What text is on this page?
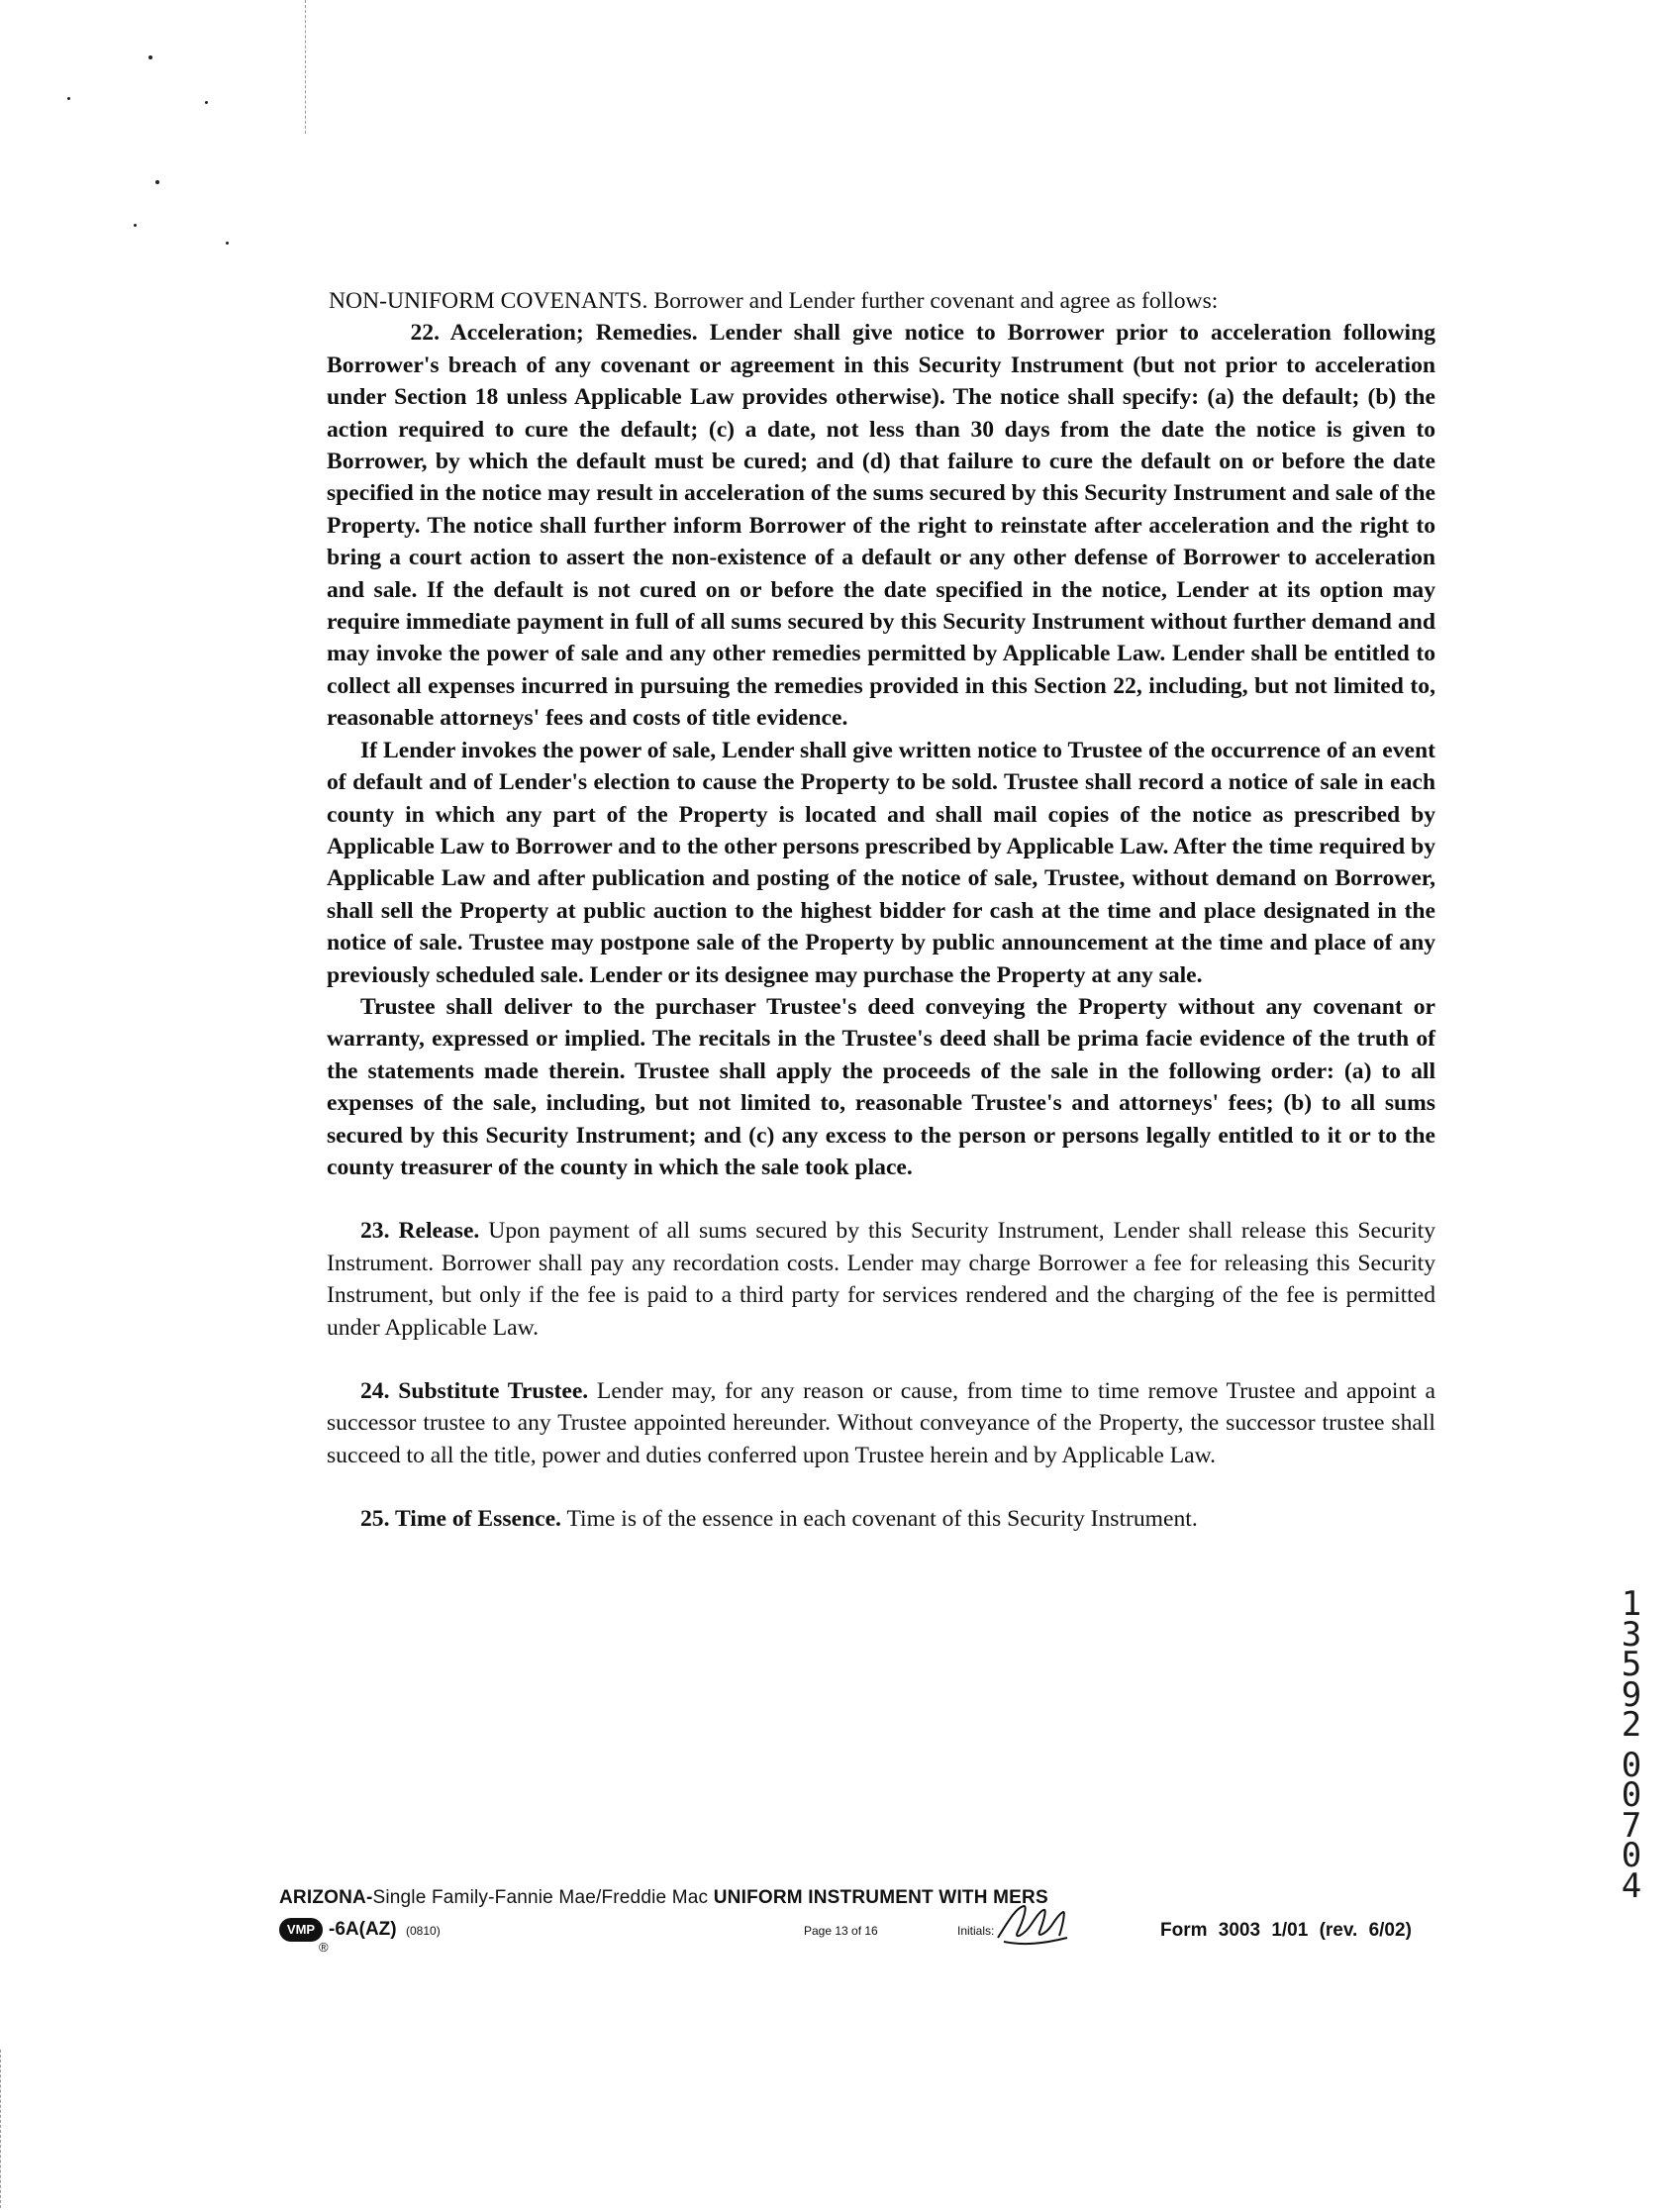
NON-UNIFORM COVENANTS. Borrower and Lender further covenant and agree as follows:

22. Acceleration; Remedies. Lender shall give notice to Borrower prior to acceleration following Borrower's breach of any covenant or agreement in this Security Instrument (but not prior to acceleration under Section 18 unless Applicable Law provides otherwise). The notice shall specify: (a) the default; (b) the action required to cure the default; (c) a date, not less than 30 days from the date the notice is given to Borrower, by which the default must be cured; and (d) that failure to cure the default on or before the date specified in the notice may result in acceleration of the sums secured by this Security Instrument and sale of the Property. The notice shall further inform Borrower of the right to reinstate after acceleration and the right to bring a court action to assert the non-existence of a default or any other defense of Borrower to acceleration and sale. If the default is not cured on or before the date specified in the notice, Lender at its option may require immediate payment in full of all sums secured by this Security Instrument without further demand and may invoke the power of sale and any other remedies permitted by Applicable Law. Lender shall be entitled to collect all expenses incurred in pursuing the remedies provided in this Section 22, including, but not limited to, reasonable attorneys' fees and costs of title evidence.

If Lender invokes the power of sale, Lender shall give written notice to Trustee of the occurrence of an event of default and of Lender's election to cause the Property to be sold. Trustee shall record a notice of sale in each county in which any part of the Property is located and shall mail copies of the notice as prescribed by Applicable Law to Borrower and to the other persons prescribed by Applicable Law. After the time required by Applicable Law and after publication and posting of the notice of sale, Trustee, without demand on Borrower, shall sell the Property at public auction to the highest bidder for cash at the time and place designated in the notice of sale. Trustee may postpone sale of the Property by public announcement at the time and place of any previously scheduled sale. Lender or its designee may purchase the Property at any sale.

Trustee shall deliver to the purchaser Trustee's deed conveying the Property without any covenant or warranty, expressed or implied. The recitals in the Trustee's deed shall be prima facie evidence of the truth of the statements made therein. Trustee shall apply the proceeds of the sale in the following order: (a) to all expenses of the sale, including, but not limited to, reasonable Trustee's and attorneys' fees; (b) to all sums secured by this Security Instrument; and (c) any excess to the person or persons legally entitled to it or to the county treasurer of the county in which the sale took place.

23. Release. Upon payment of all sums secured by this Security Instrument, Lender shall release this Security Instrument. Borrower shall pay any recordation costs. Lender may charge Borrower a fee for releasing this Security Instrument, but only if the fee is paid to a third party for services rendered and the charging of the fee is permitted under Applicable Law.

24. Substitute Trustee. Lender may, for any reason or cause, from time to time remove Trustee and appoint a successor trustee to any Trustee appointed hereunder. Without conveyance of the Property, the successor trustee shall succeed to all the title, power and duties conferred upon Trustee herein and by Applicable Law.

25. Time of Essence. Time is of the essence in each covenant of this Security Instrument.

1
3
5
9
2
0
0
7
0
4
ARIZONA-Single Family-Fannie Mae/Freddie Mac UNIFORM INSTRUMENT WITH MERS
VMP
®
-6A(AZ) (0810)	Page 13 of 16	Initials:	Form 3003 1/01 (rev. 6/02)
